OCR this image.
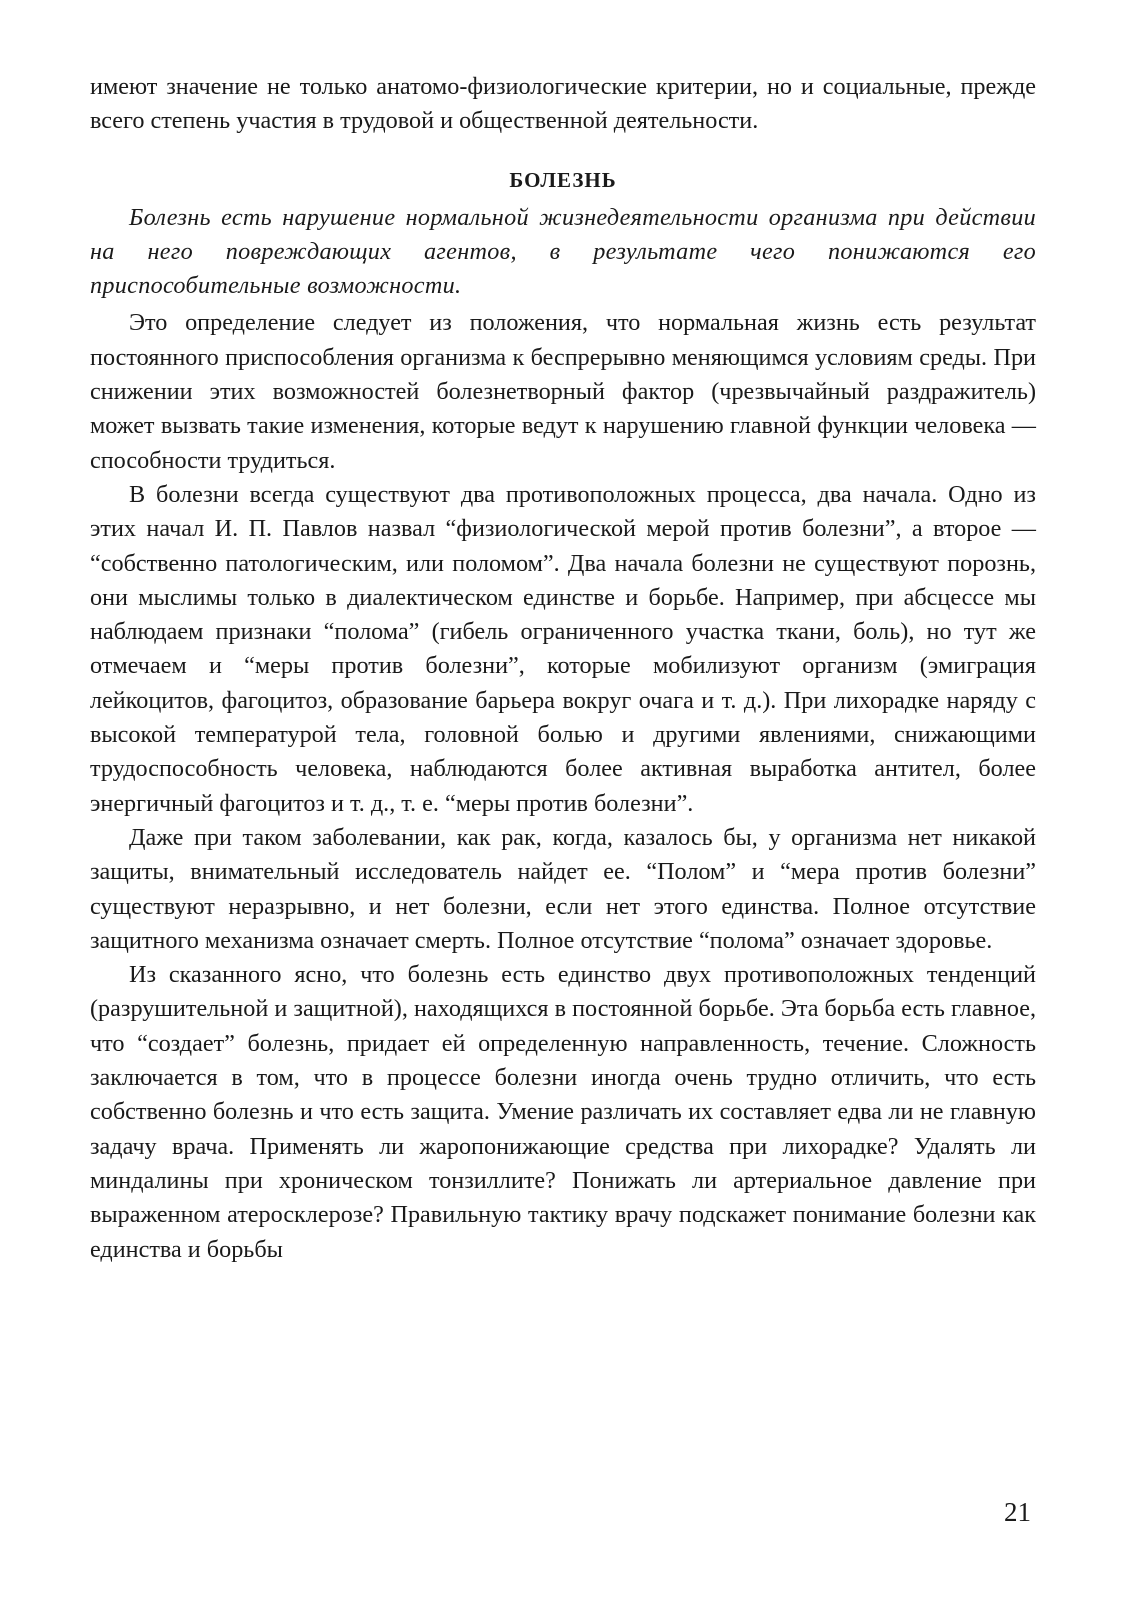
имеют значение не только анатомо-физиологические критерии, но и социальные, прежде всего степень участия в трудовой и общественной деятельности.

БОЛЕЗНЬ

Болезнь есть нарушение нормальной жизнедеятельности организма при действии на него повреждающих агентов, в результате чего понижаются его приспособительные возможности.

Это определение следует из положения, что нормальная жизнь есть результат постоянного приспособления организма к беспрерывно меняющимся условиям среды. При снижении этих возможностей болезнетворный фактор (чрезвычайный раздражитель) может вызвать такие изменения, которые ведут к нарушению главной функции человека — способности трудиться.

В болезни всегда существуют два противоположных процесса, два начала. Одно из этих начал И. П. Павлов назвал “физиологической мерой против болезни”, а второе — “собственно патологическим, или поломом”. Два начала болезни не существуют порознь, они мыслимы только в диалектическом единстве и борьбе. Например, при абсцессе мы наблюдаем признаки “полома” (гибель ограниченного участка ткани, боль), но тут же отмечаем и “меры против болезни”, которые мобилизуют организм (эмиграция лейкоцитов, фагоцитоз, образование барьера вокруг очага и т. д.). При лихорадке наряду с высокой температурой тела, головной болью и другими явлениями, снижающими трудоспособность человека, наблюдаются более активная выработка антител, более энергичный фагоцитоз и т. д., т. е. “меры против болезни”.

Даже при таком заболевании, как рак, когда, казалось бы, у организма нет никакой защиты, внимательный исследователь найдет ее. “Полом” и “мера против болезни” существуют неразрывно, и нет болезни, если нет этого единства. Полное отсутствие защитного механизма означает смерть. Полное отсутствие “полома” означает здоровье.

Из сказанного ясно, что болезнь есть единство двух противоположных тенденций (разрушительной и защитной), находящихся в постоянной борьбе. Эта борьба есть главное, что “создает” болезнь, придает ей определенную направленность, течение. Сложность заключается в том, что в процессе болезни иногда очень трудно отличить, что есть собственно болезнь и что есть защита. Умение различать их составляет едва ли не главную задачу врача. Применять ли жаропонижающие средства при лихорадке? Удалять ли миндалины при хроническом тонзиллите? Понижать ли артериальное давление при выраженном атеросклерозе? Правильную тактику врачу подскажет понимание болезни как единства и борьбы

21
